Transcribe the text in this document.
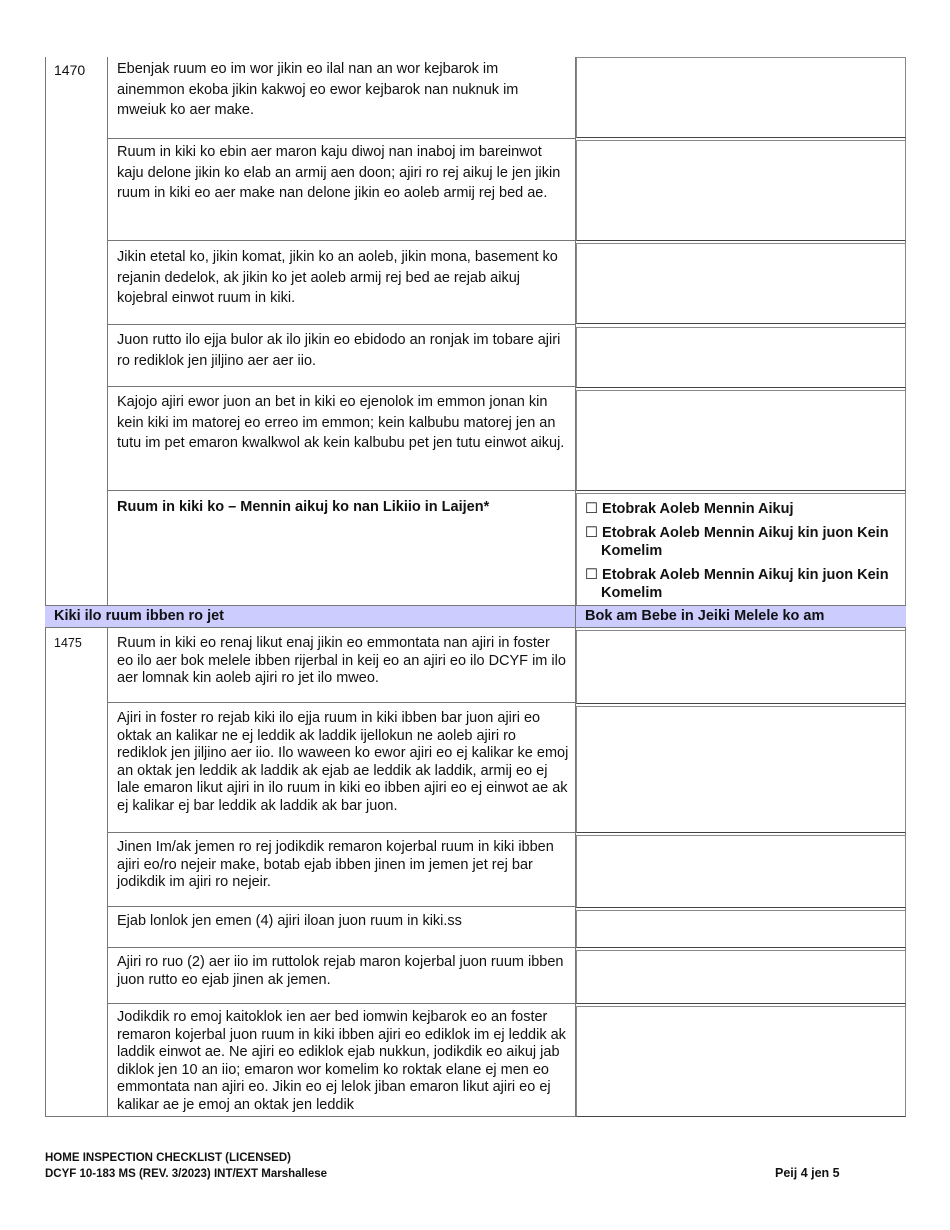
1470 Ebenjak ruum eo im wor jikin eo ilal nan an wor kejbarok im ainemmon ekoba jikin kakwoj eo ewor kejbarok nan nuknuk im mweiuk ko aer make.
Ruum in kiki ko ebin aer maron kaju diwoj nan inaboj im bareinwot kaju delone jikin ko elab an armij aen doon; ajiri ro rej aikuj le jen jikin ruum in kiki eo aer make nan delone jikin eo aoleb armij rej bed ae.
Jikin etetal ko, jikin komat, jikin ko an aoleb, jikin mona, basement ko rejanin dedelok, ak jikin ko jet aoleb armij rej bed ae rejab aikuj kojebral einwot ruum in kiki.
Juon rutto ilo ejja bulor ak ilo jikin eo ebidodo an ronjak im tobare ajiri ro rediklok jen jiljino aer aer iio.
Kajojo ajiri ewor juon an bet in kiki eo ejenolok im emmon jonan kin kein kiki im matorej eo erreo im emmon; kein kalbubu matorej jen an tutu im pet emaron kwalkwol ak kein kalbubu pet jen tutu einwot aikuj.
Ruum in kiki ko – Mennin aikuj ko nan Likiio in Laijen*	☐ Etobrak Aoleb Mennin Aikuj
☐ Etobrak Aoleb Mennin Aikuj kin juon Kein Komelim
☐ Etobrak Aoleb Mennin Aikuj kin juon Kein Komelim
Kiki ilo ruum ibben ro jet	Bok am Bebe in Jeiki Melele ko am
1475 Ruum in kiki eo renaj likut enaj jikin eo emmontata nan ajiri in foster eo ilo aer bok melele ibben rijerbal in keij eo an ajiri eo ilo DCYF im ilo aer lomnak kin aoleb ajiri ro jet ilo mweo.
Ajiri in foster ro rejab kiki ilo ejja ruum in kiki ibben bar juon ajiri eo oktak an kalikar ne ej leddik ak laddik ijellokun ne aoleb ajiri ro rediklok jen jiljino aer iio. Ilo waween ko ewor ajiri eo ej kalikar ke emoj an oktak jen leddik ak laddik ak ejab ae leddik ak laddik, armij eo ej lale emaron likut ajiri in ilo ruum in kiki eo ibben ajiri eo ej einwot ae ak ej kalikar ej bar leddik ak laddik ak bar juon.
Jinen Im/ak jemen ro rej jodikdik remaron kojerbal ruum in kiki ibben ajiri eo/ro nejeir make, botab ejab ibben jinen im jemen jet rej bar jodikdik im ajiri ro nejeir.
Ejab lonlok jen emen (4) ajiri iloan juon ruum in kiki.ss
Ajiri ro ruo (2) aer iio im ruttolok rejab maron kojerbal juon ruum ibben juon rutto eo ejab jinen ak jemen.
Jodikdik ro emoj kaitoklok ien aer bed iomwin kejbarok eo an foster remaron kojerbal juon ruum in kiki ibben ajiri eo ediklok im ej leddik ak laddik einwot ae. Ne ajiri eo ediklok ejab nukkun, jodikdik eo aikuj jab diklok jen 10 an iio; emaron wor komelim ko roktak elane ej men eo emmontata nan ajiri eo. Jikin eo ej lelok jiban emaron likut ajiri eo ej kalikar ae je emoj an oktak jen leddik
HOME INSPECTION CHECKLIST (LICENSED)
DCYF 10-183 MS (REV. 3/2023) INT/EXT Marshallese	Peij 4 jen 5
